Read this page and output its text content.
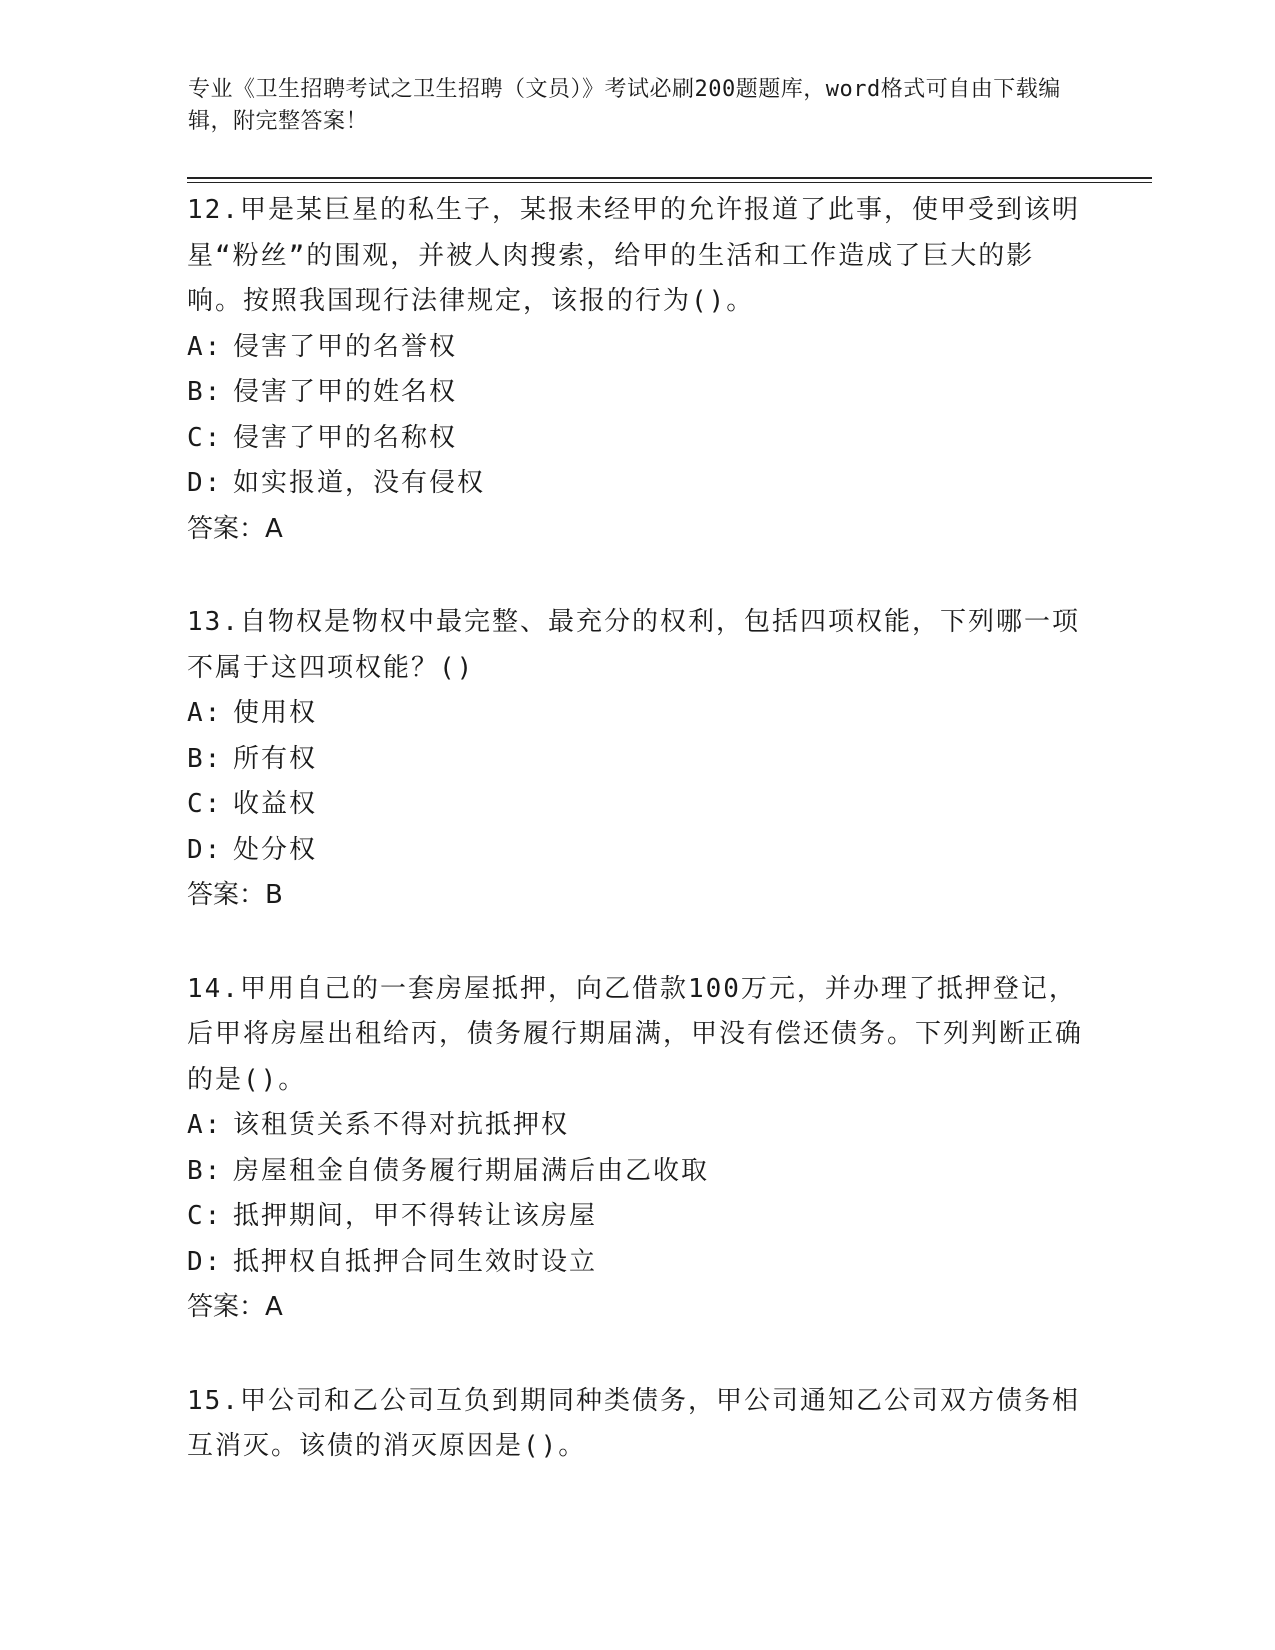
专业《卫生招聘考试之卫生招聘（文员）》考试必刷200题题库，word格式可自由下载编辑，附完整答案！

12.甲是某巨星的私生子，某报未经甲的允许报道了此事，使甲受到该明星“粉丝”的围观，并被人肉搜索，给甲的生活和工作造成了巨大的影响。按照我国现行法律规定，该报的行为()。

A: 侵害了甲的名誉权

B: 侵害了甲的姓名权

C: 侵害了甲的名称权

D: 如实报道，没有侵权

答案：A

13.自物权是物权中最完整、最充分的权利，包括四项权能，下列哪一项不属于这四项权能？()

A: 使用权

B: 所有权

C: 收益权

D: 处分权

答案：B

14.甲用自己的一套房屋抵押，向乙借款100万元，并办理了抵押登记，后甲将房屋出租给丙，债务履行期届满，甲没有偿还债务。下列判断正确的是()。

A: 该租赁关系不得对抗抵押权

B: 房屋租金自债务履行期届满后由乙收取

C: 抵押期间，甲不得转让该房屋

D: 抵押权自抵押合同生效时设立

答案：A

15.甲公司和乙公司互负到期同种类债务，甲公司通知乙公司双方债务相互消灭。该债的消灭原因是()。
